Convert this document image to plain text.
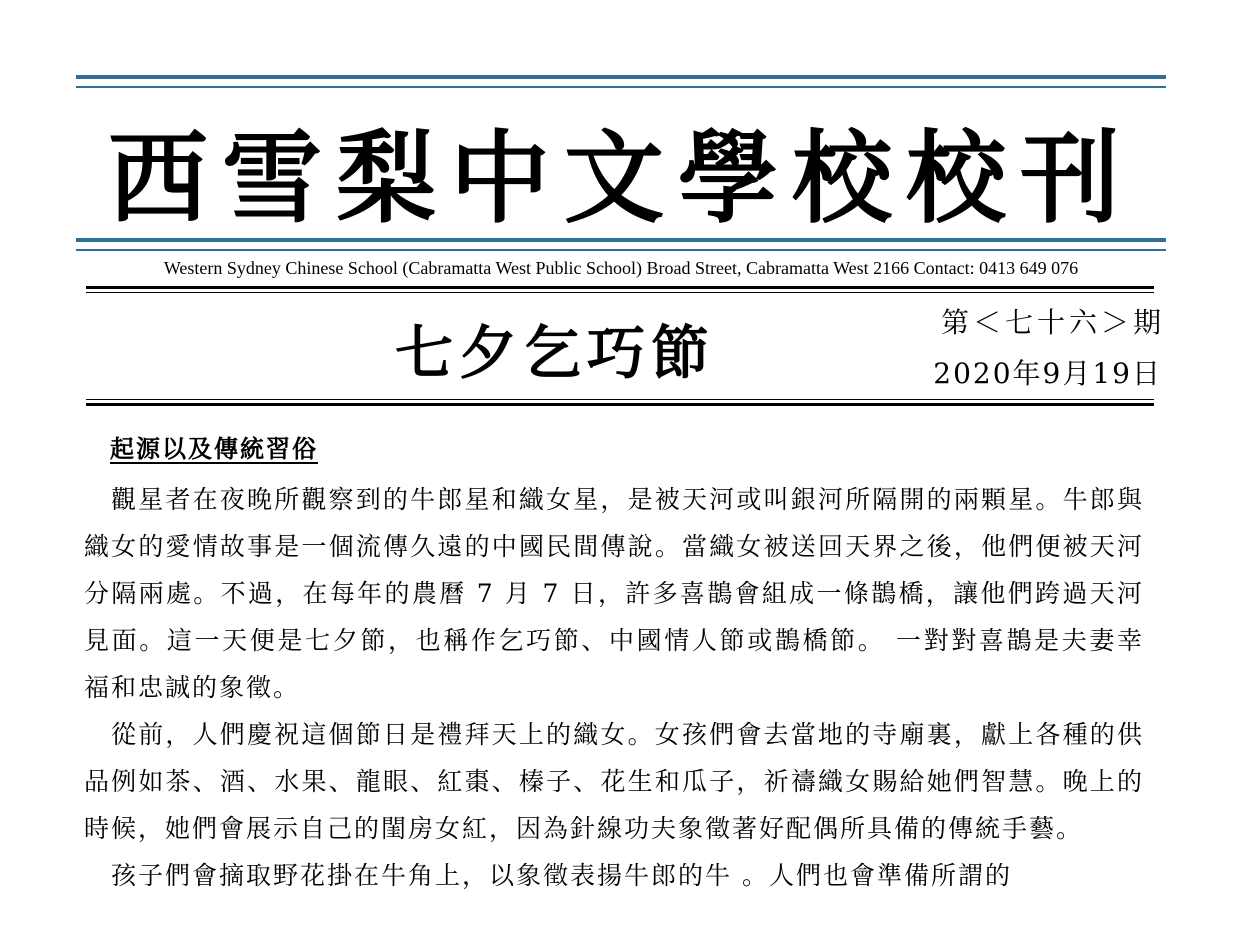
西雪梨中文學校校刊
Western Sydney Chinese School (Cabramatta West Public School) Broad Street, Cabramatta West 2166 Contact: 0413 649 076
七夕乞巧節	第＜七十六＞期
2020年9月19日
起源以及傳統習俗

觀星者在夜晚所觀察到的牛郎星和織女星，是被天河或叫銀河所隔開的兩顆星。牛郎與織女的愛情故事是一個流傳久遠的中國民間傳說。當織女被送回天界之後，他們便被天河分隔兩處。不過，在每年的農曆 7 月 7 日，許多喜鵲會組成一條鵲橋，讓他們跨過天河見面。這一天便是七夕節，也稱作乞巧節、中國情人節或鵲橋節。 一對對喜鵲是夫妻幸福和忠誠的象徵。

從前，人們慶祝這個節日是禮拜天上的織女。女孩們會去當地的寺廟裏，獻上各種的供品例如茶、酒、水果、龍眼、紅棗、榛子、花生和瓜子，祈禱織女賜給她們智慧。晚上的時候，她們會展示自己的閨房女紅，因為針線功夫象徵著好配偶所具備的傳統手藝。

孩子們會摘取野花掛在牛角上，以象徵表揚牛郎的牛 。人們也會準備所謂的
